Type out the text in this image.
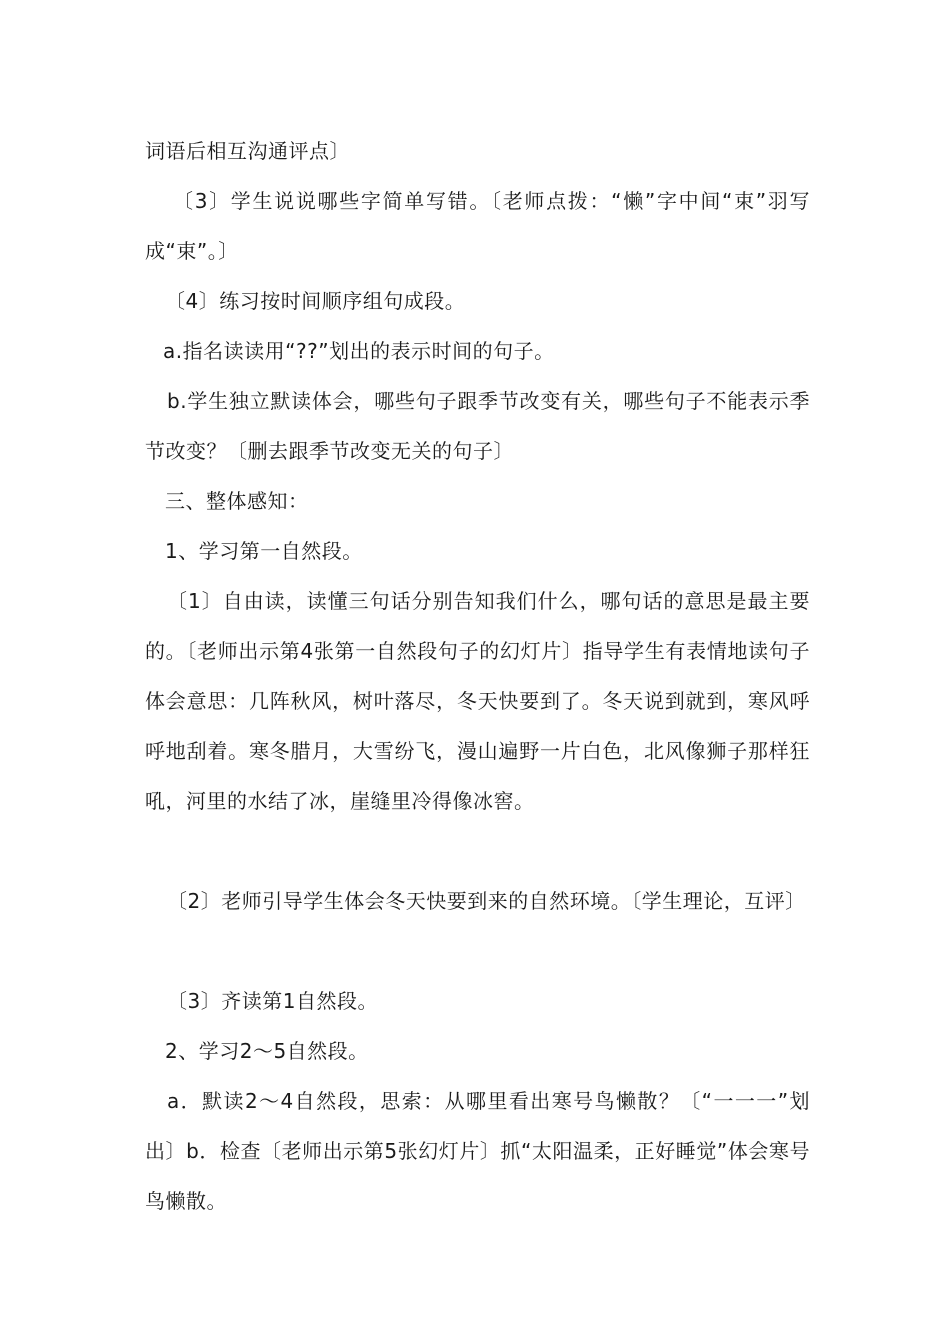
词语后相互沟通评点〕

〔3〕学生说说哪些字简单写错。〔老师点拨：“懒”字中间“束”羽写成“束”。〕

〔4〕练习按时间顺序组句成段。

a.指名读读用“??”划出的表示时间的句子。

b.学生独立默读体会，哪些句子跟季节改变有关，哪些句子不能表示季节改变？〔删去跟季节改变无关的句子〕

三、整体感知：

1、学习第一自然段。

〔1〕自由读，读懂三句话分别告知我们什么，哪句话的意思是最主要的。〔老师出示第4张第一自然段句子的幻灯片〕指导学生有表情地读句子体会意思：几阵秋风，树叶落尽，冬天快要到了。冬天说到就到，寒风呼呼地刮着。寒冬腊月，大雪纷飞，漫山遍野一片白色，北风像狮子那样狂吼，河里的水结了冰，崖缝里冷得像冰窖。

〔2〕老师引导学生体会冬天快要到来的自然环境。〔学生理论，互评〕

〔3〕齐读第1自然段。

2、学习2～5自然段。

a．默读2～4自然段，思索：从哪里看出寒号鸟懒散？〔“一一一”划出〕b．检查〔老师出示第5张幻灯片〕抓“太阳温柔，正好睡觉”体会寒号鸟懒散。
